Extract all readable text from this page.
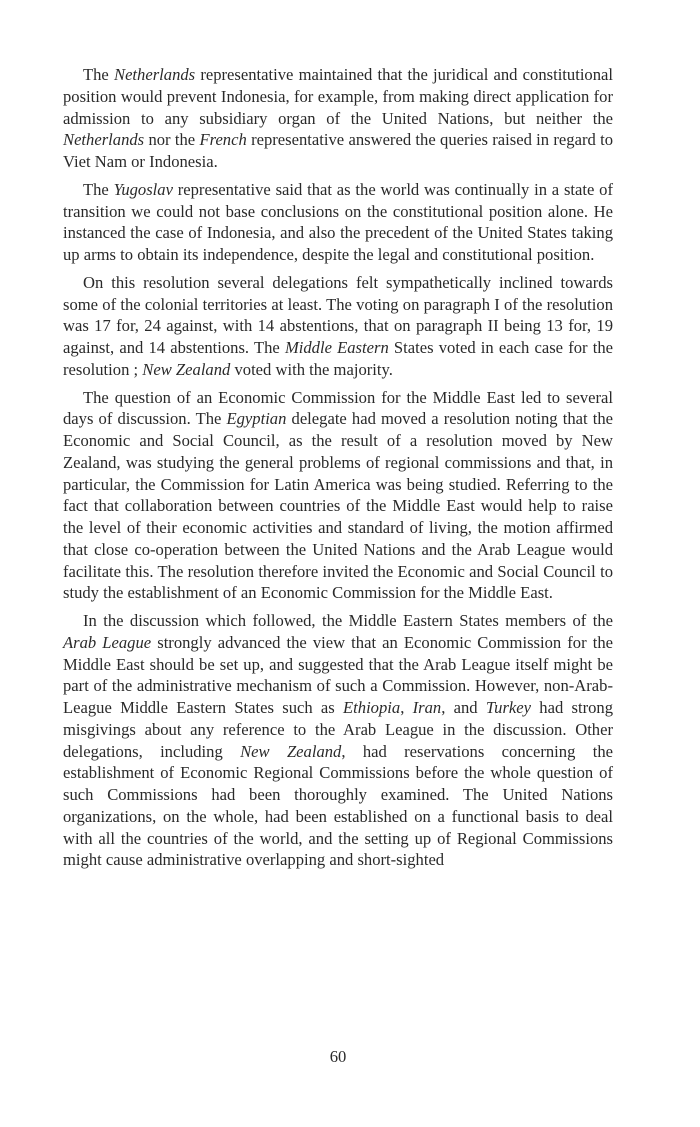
The Netherlands representative maintained that the juridical and constitutional position would prevent Indonesia, for example, from making direct application for admission to any subsidiary organ of the United Nations, but neither the Netherlands nor the French representative answered the queries raised in regard to Viet Nam or Indonesia.

The Yugoslav representative said that as the world was continually in a state of transition we could not base conclusions on the constitutional position alone. He instanced the case of Indonesia, and also the precedent of the United States taking up arms to obtain its independence, despite the legal and constitutional position.

On this resolution several delegations felt sympathetically inclined towards some of the colonial territories at least. The voting on paragraph I of the resolution was 17 for, 24 against, with 14 abstentions, that on paragraph II being 13 for, 19 against, and 14 abstentions. The Middle Eastern States voted in each case for the resolution ; New Zealand voted with the majority.

The question of an Economic Commission for the Middle East led to several days of discussion. The Egyptian delegate had moved a resolution noting that the Economic and Social Council, as the result of a resolution moved by New Zealand, was studying the general problems of regional commissions and that, in particular, the Commission for Latin America was being studied. Referring to the fact that collaboration between countries of the Middle East would help to raise the level of their economic activities and standard of living, the motion affirmed that close co-operation between the United Nations and the Arab League would facilitate this. The resolution therefore invited the Economic and Social Council to study the establishment of an Economic Commission for the Middle East.

In the discussion which followed, the Middle Eastern States members of the Arab League strongly advanced the view that an Economic Commission for the Middle East should be set up, and suggested that the Arab League itself might be part of the administrative mechanism of such a Commission. However, non-Arab-League Middle Eastern States such as Ethiopia, Iran, and Turkey had strong misgivings about any reference to the Arab League in the discussion. Other delegations, including New Zealand, had reservations concerning the establishment of Economic Regional Commissions before the whole question of such Commissions had been thoroughly examined. The United Nations organizations, on the whole, had been established on a functional basis to deal with all the countries of the world, and the setting up of Regional Commissions might cause administrative overlapping and short-sighted

60
